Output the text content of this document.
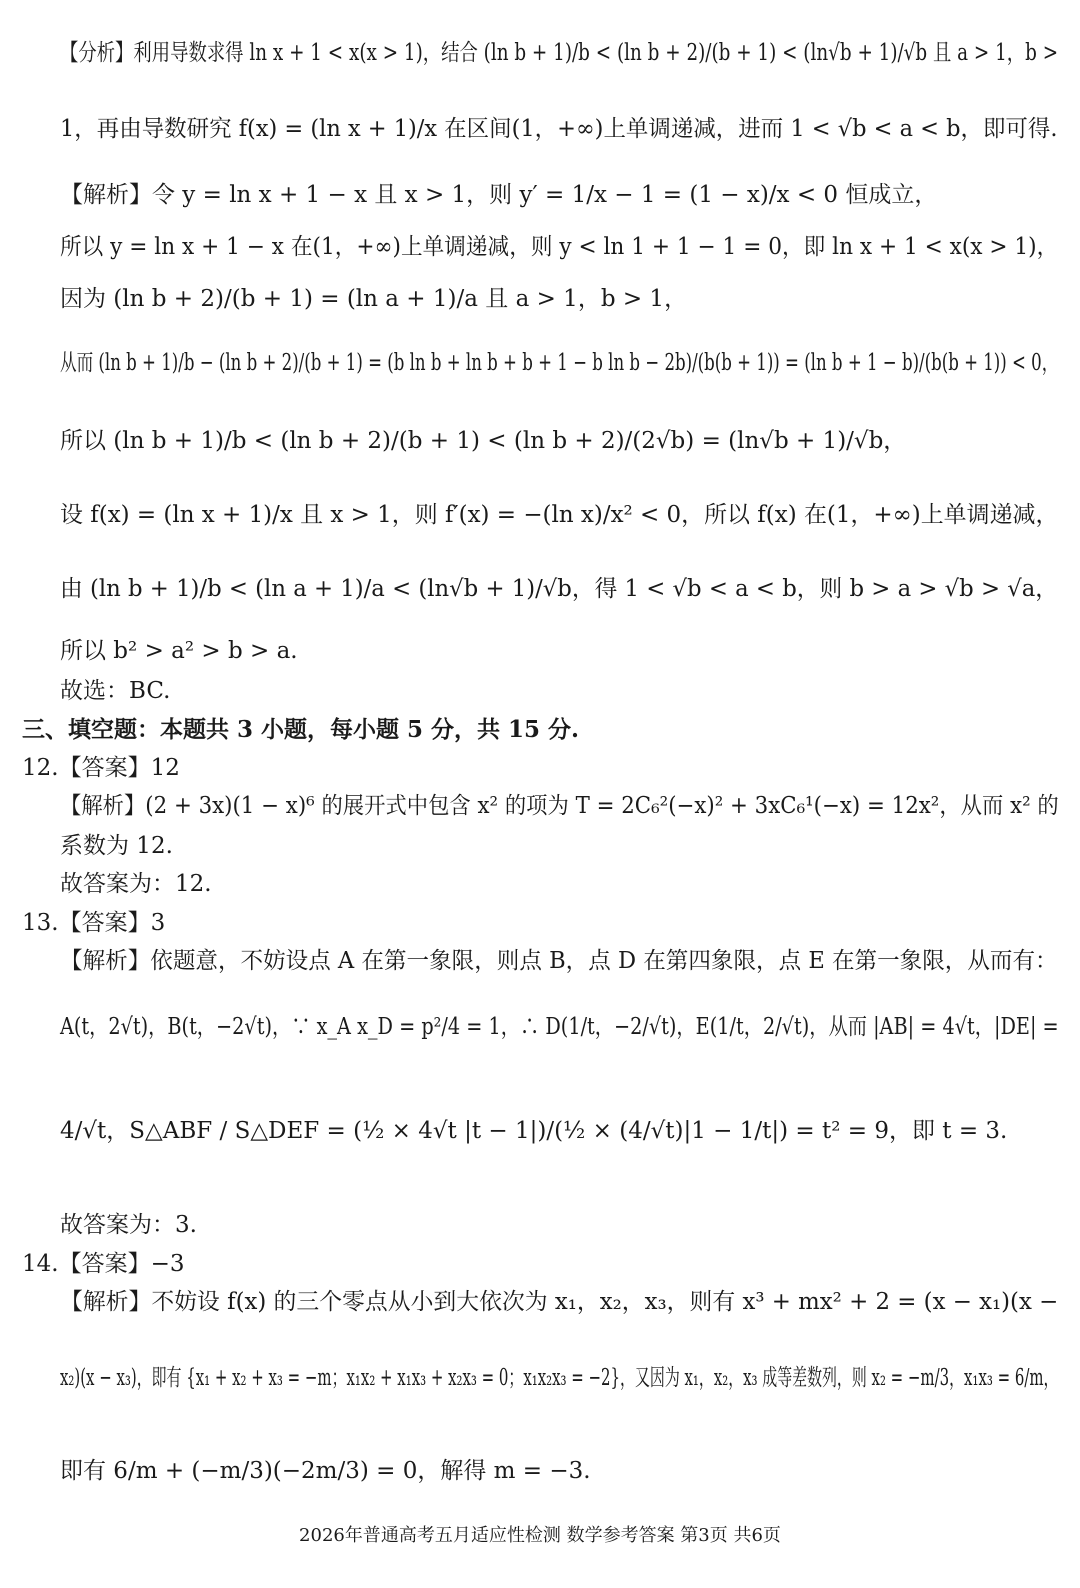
【分析】利用导数求得 ln x + 1 < x(x > 1)，结合 (ln b + 1)/b < (ln b + 2)/(b + 1) < (ln√b + 1)/√b 且 a > 1，b >
1，再由导数研究 f(x) = (ln x + 1)/x 在区间(1，+∞)上单调递减，进而 1 < √b < a < b，即可得.
【解析】令 y = ln x + 1 − x 且 x > 1，则 y′ = 1/x − 1 = (1 − x)/x < 0 恒成立，
所以 y = ln x + 1 − x 在(1，+∞)上单调递减，则 y < ln 1 + 1 − 1 = 0，即 ln x + 1 < x(x > 1)，
因为 (ln b + 2)/(b + 1) = (ln a + 1)/a 且 a > 1，b > 1，
从而 (ln b + 1)/b − (ln b + 2)/(b + 1) = (b ln b + ln b + b + 1 − b ln b − 2b)/(b(b + 1)) = (ln b + 1 − b)/(b(b + 1)) < 0，
所以 (ln b + 1)/b < (ln b + 2)/(b + 1) < (ln b + 2)/(2√b) = (ln√b + 1)/√b，
设 f(x) = (ln x + 1)/x 且 x > 1，则 f′(x) = −(ln x)/x² < 0，所以 f(x) 在(1，+∞)上单调递减，
由 (ln b + 1)/b < (ln a + 1)/a < (ln√b + 1)/√b，得 1 < √b < a < b，则 b > a > √b > √a，
所以 b² > a² > b > a.
故选：BC.
三、填空题：本题共 3 小题，每小题 5 分，共 15 分.
12.【答案】12
【解析】(2 + 3x)(1 − x)⁶ 的展开式中包含 x² 的项为 T = 2C₆²(−x)² + 3xC₆¹(−x) = 12x²，从而 x² 的
系数为 12.
故答案为：12.
13.【答案】3
【解析】依题意，不妨设点 A 在第一象限，则点 B，点 D 在第四象限，点 E 在第一象限，从而有：
A(t，2√t)，B(t，−2√t)，∵ x_A x_D = p²/4 = 1，∴ D(1/t，−2/√t)，E(1/t，2/√t)，从而 |AB| = 4√t，|DE| =
4/√t，S△ABF / S△DEF = (½ × 4√t |t − 1|)/(½ × (4/√t)|1 − 1/t|) = t² = 9，即 t = 3.
故答案为：3.
14.【答案】−3
【解析】不妨设 f(x) 的三个零点从小到大依次为 x₁，x₂，x₃，则有 x³ + mx² + 2 = (x − x₁)(x −
x₂)(x − x₃)，即有 {x₁ + x₂ + x₃ = −m；x₁x₂ + x₁x₃ + x₂x₃ = 0；x₁x₂x₃ = −2}，又因为 x₁，x₂，x₃ 成等差数列，则 x₂ = −m/3，x₁x₃ = 6/m，
即有 6/m + (−m/3)(−2m/3) = 0，解得 m = −3.
2026年普通高考五月适应性检测 数学参考答案 第3页 共6页
